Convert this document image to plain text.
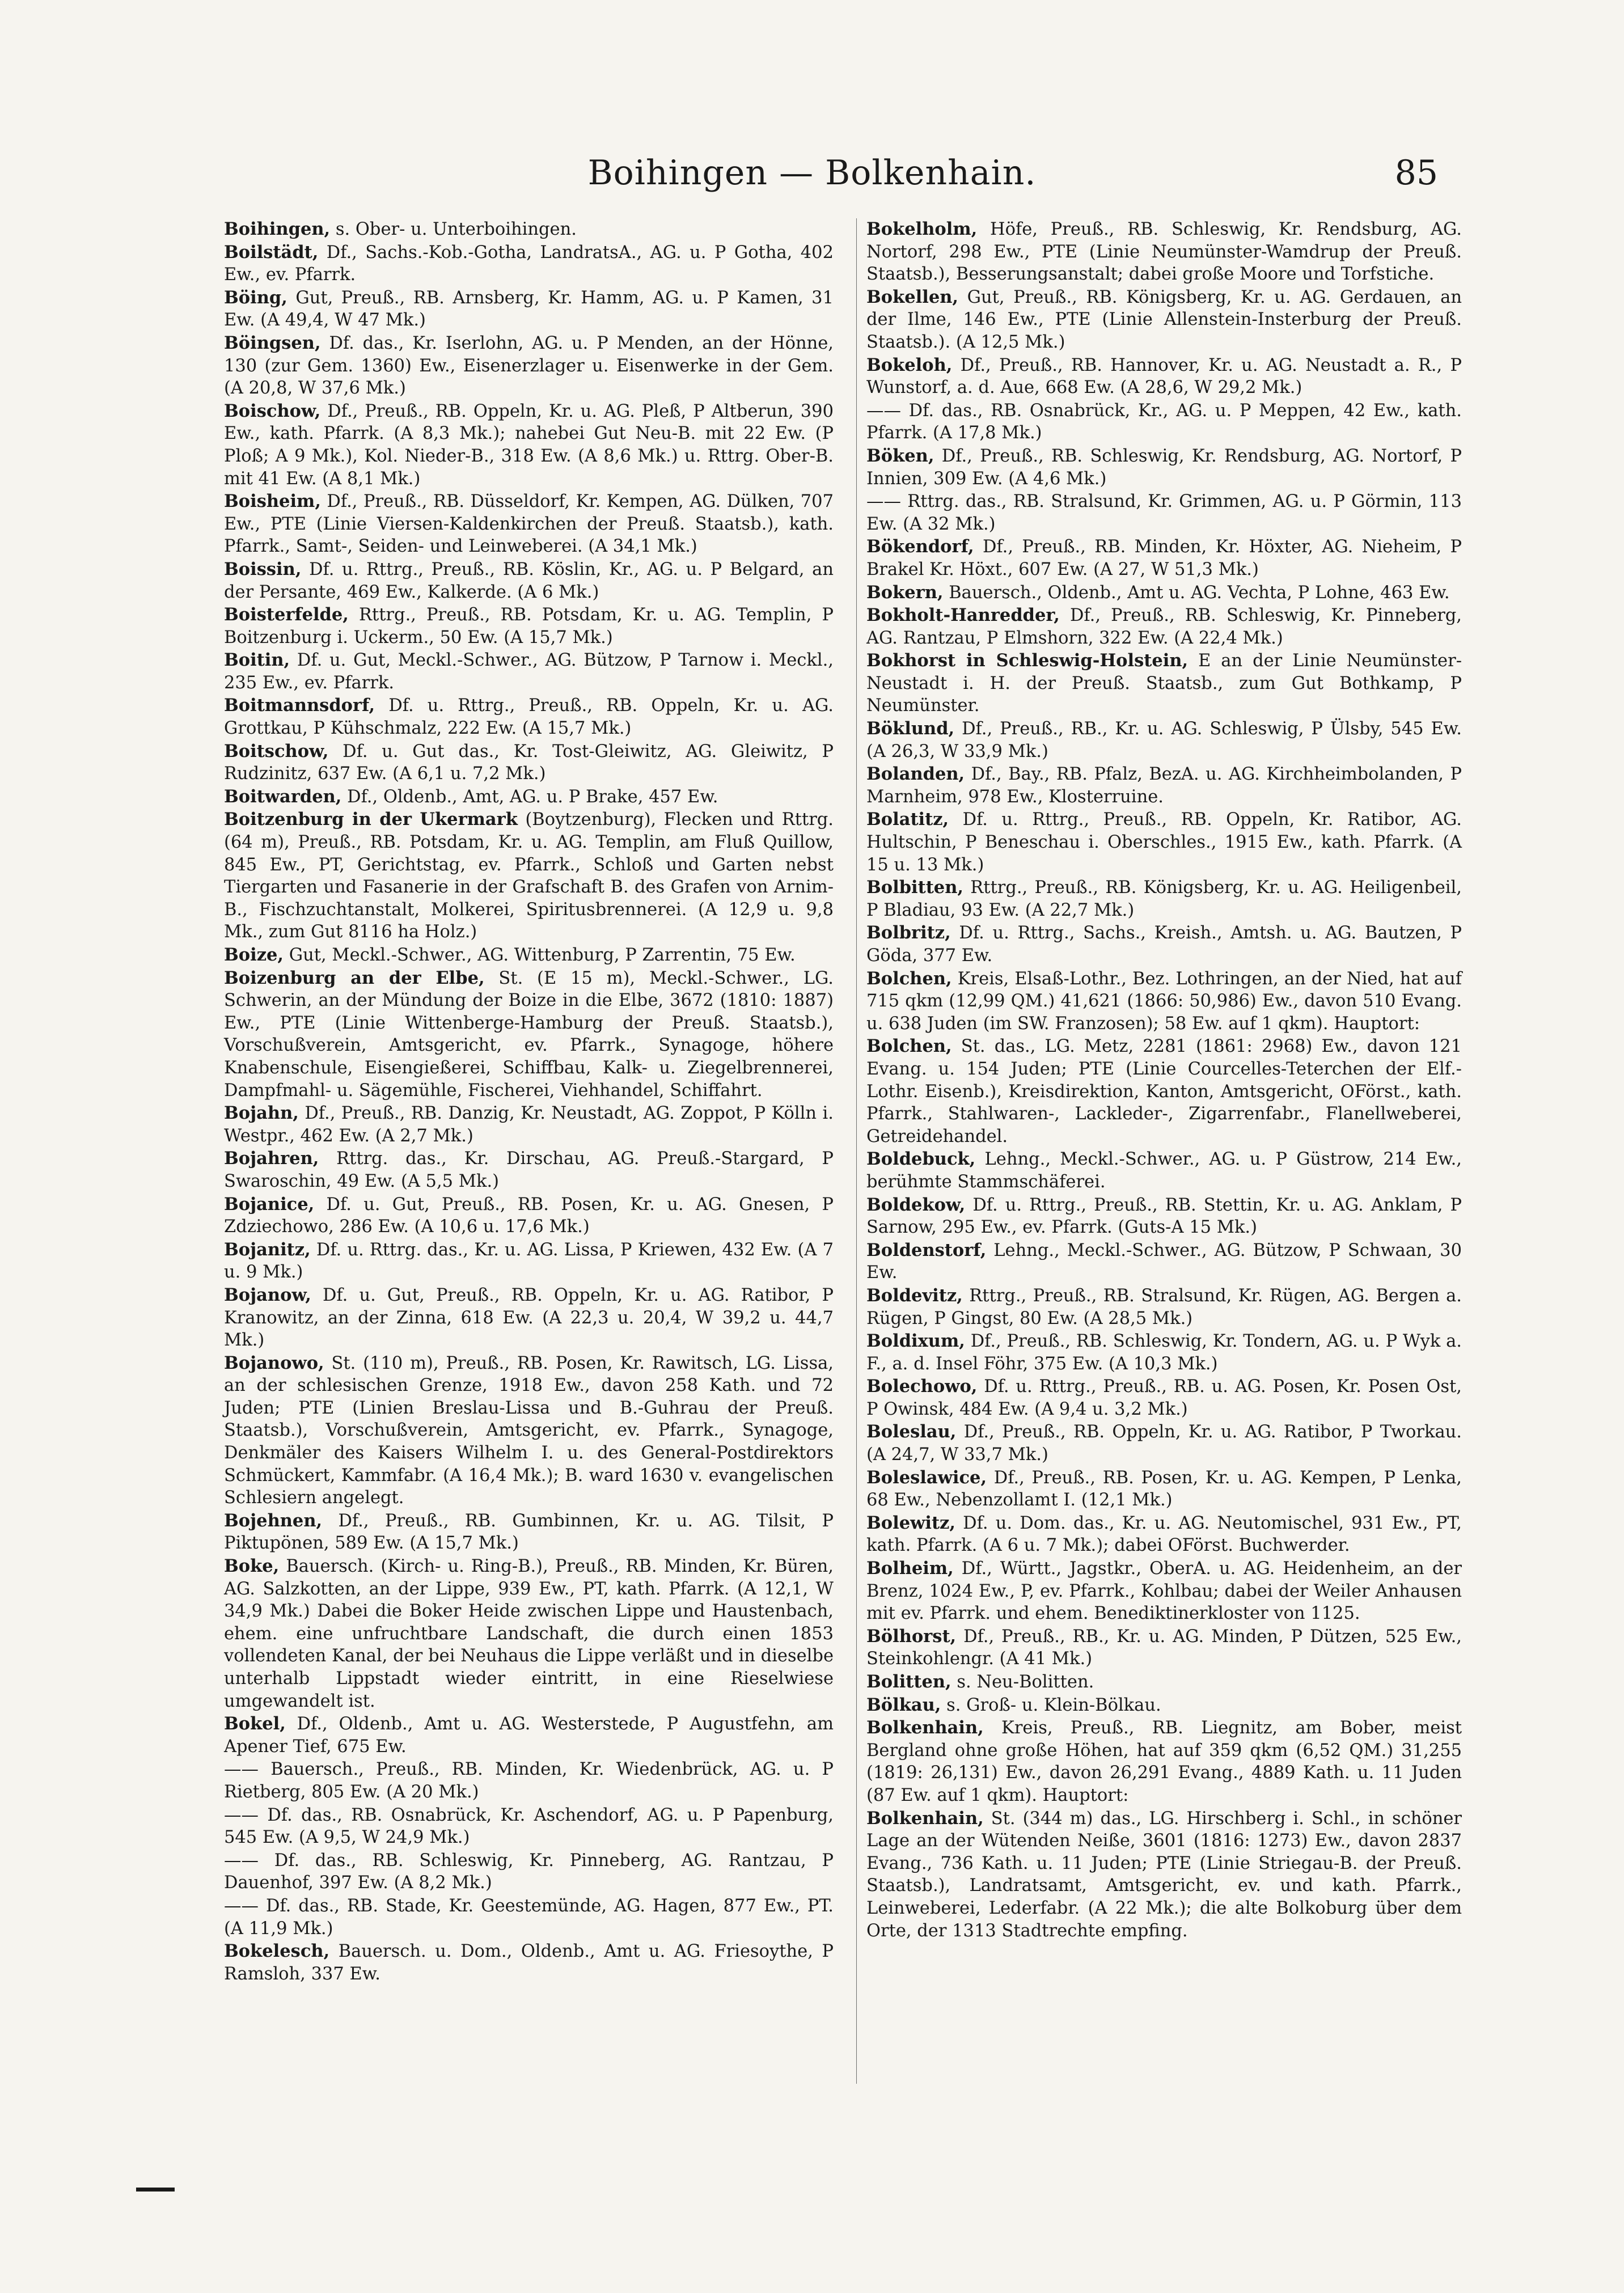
Boihingen — Bolkenhain.	85
Boihingen, s. Ober- u. Unterboihingen.
Boilstädt, Df., Sachs.-Kob.-Gotha, LandratsA., AG. u. P Gotha, 402 Ew., ev. Pfarrk.
Böing, Gut, Preuß., RB. Arnsberg, Kr. Hamm, AG. u. P Kamen, 31 Ew. (A 49,4, W 47 Mk.)
Böingsen, Df. das., Kr. Iserlohn, AG. u. P Menden, an der Hönne, 130 (zur Gem. 1360) Ew., Eisenerzlager u. Eisenwerke in der Gem. (A 20,8, W 37,6 Mk.)
Boischow, Df., Preuß., RB. Oppeln, Kr. u. AG. Pleß, P Altberun, 390 Ew., kath. Pfarrk. (A 8,3 Mk.); nahebei Gut Neu-B. mit 22 Ew. (P Ploß; A 9 Mk.), Kol. Nieder-B., 318 Ew. (A 8,6 Mk.) u. Rttrg. Ober-B. mit 41 Ew. (A 8,1 Mk.)
Boisheim, Df., Preuß., RB. Düsseldorf, Kr. Kempen, AG. Dülken, 707 Ew., PTE (Linie Viersen-Kaldenkirchen der Preuß. Staatsb.), kath. Pfarrk., Samt-, Seiden- und Leinweberei. (A 34,1 Mk.)
Boissin, Df. u. Rttrg., Preuß., RB. Köslin, Kr., AG. u. P Belgard, an der Persante, 469 Ew., Kalkerde. (A 6 Mk.)
Boisterfelde, Rttrg., Preuß., RB. Potsdam, Kr. u. AG. Templin, P Boitzenburg i. Uckerm., 50 Ew. (A 15,7 Mk.)
Boitin, Df. u. Gut, Meckl.-Schwer., AG. Bützow, P Tarnow i. Meckl., 235 Ew., ev. Pfarrk.
Boitmannsdorf, Df. u. Rttrg., Preuß., RB. Oppeln, Kr. u. AG. Grottkau, P Kühschmalz, 222 Ew. (A 15,7 Mk.)
Boitschow, Df. u. Gut das., Kr. Tost-Gleiwitz, AG. Gleiwitz, P Rudzinitz, 637 Ew. (A 6,1 u. 7,2 Mk.)
Boitwarden, Df., Oldenb., Amt, AG. u. P Brake, 457 Ew.
Boitzenburg in der Ukermark (Boytzenburg), Flecken und Rttrg. (64 m), Preuß., RB. Potsdam, Kr. u. AG. Templin, am Fluß Quillow, 845 Ew., PT, Gerichtstag, ev. Pfarrk., Schloß und Garten nebst Tiergarten und Fasanerie in der Grafschaft B. des Grafen von Arnim-B., Fischzuchtanstalt, Molkerei, Spiritusbrennerei. (A 12,9 u. 9,8 Mk., zum Gut 8116 ha Holz.)
Boize, Gut, Meckl.-Schwer., AG. Wittenburg, P Zarrentin, 75 Ew.
Boizenburg an der Elbe, St. (E 15 m), Meckl.-Schwer., LG. Schwerin, an der Mündung der Boize in die Elbe, 3672 (1810: 1887) Ew., PTE (Linie Wittenberge-Hamburg der Preuß. Staatsb.), Vorschußverein, Amtsgericht, ev. Pfarrk., Synagoge, höhere Knabenschule, Eisengießerei, Schiffbau, Kalk- u. Ziegelbrennerei, Dampfmahl- u. Sägemühle, Fischerei, Viehhandel, Schiffahrt.
Bojahn, Df., Preuß., RB. Danzig, Kr. Neustadt, AG. Zoppot, P Kölln i. Westpr., 462 Ew. (A 2,7 Mk.)
Bojahren, Rttrg. das., Kr. Dirschau, AG. Preuß.-Stargard, P Swaroschin, 49 Ew. (A 5,5 Mk.)
Bojanice, Df. u. Gut, Preuß., RB. Posen, Kr. u. AG. Gnesen, P Zdziechowo, 286 Ew. (A 10,6 u. 17,6 Mk.)
Bojanitz, Df. u. Rttrg. das., Kr. u. AG. Lissa, P Kriewen, 432 Ew. (A 7 u. 9 Mk.)
Bojanow, Df. u. Gut, Preuß., RB. Oppeln, Kr. u. AG. Ratibor, P Kranowitz, an der Zinna, 618 Ew. (A 22,3 u. 20,4, W 39,2 u. 44,7 Mk.)
Bojanowo, St. (110 m), Preuß., RB. Posen, Kr. Rawitsch, LG. Lissa, an der schlesischen Grenze, 1918 Ew., davon 258 Kath. und 72 Juden; PTE (Linien Breslau-Lissa und B.-Guhrau der Preuß. Staatsb.), Vorschußverein, Amtsgericht, ev. Pfarrk., Synagoge, Denkmäler des Kaisers Wilhelm I. u. des General-Postdirektors Schmückert, Kammfabr. (A 16,4 Mk.); B. ward 1630 v. evangelischen Schlesiern angelegt.
Bojehnen, Df., Preuß., RB. Gumbinnen, Kr. u. AG. Tilsit, P Piktupönen, 589 Ew. (A 15,7 Mk.)
Boke, Bauersch. (Kirch- u. Ring-B.), Preuß., RB. Minden, Kr. Büren, AG. Salzkotten, an der Lippe, 939 Ew., PT, kath. Pfarrk. (A 12,1, W 34,9 Mk.) Dabei die Boker Heide zwischen Lippe und Haustenbach, ehem. eine unfruchtbare Landschaft, die durch einen 1853 vollendeten Kanal, der bei Neuhaus die Lippe verläßt und in dieselbe unterhalb Lippstadt wieder eintritt, in eine Rieselwiese umgewandelt ist.
Bokel, Df., Oldenb., Amt u. AG. Westerstede, P Augustfehn, am Apener Tief, 675 Ew.
—— Bauersch., Preuß., RB. Minden, Kr. Wiedenbrück, AG. u. P Rietberg, 805 Ew. (A 20 Mk.)
—— Df. das., RB. Osnabrück, Kr. Aschendorf, AG. u. P Papenburg, 545 Ew. (A 9,5, W 24,9 Mk.)
—— Df. das., RB. Schleswig, Kr. Pinneberg, AG. Rantzau, P Dauenhof, 397 Ew. (A 8,2 Mk.)
—— Df. das., RB. Stade, Kr. Geestemünde, AG. Hagen, 877 Ew., PT. (A 11,9 Mk.)
Bokelesch, Bauersch. u. Dom., Oldenb., Amt u. AG. Friesoythe, P Ramsloh, 337 Ew.
Bokelholm, Höfe, Preuß., RB. Schleswig, Kr. Rendsburg, AG. Nortorf, 298 Ew., PTE (Linie Neumünster-Wamdrup der Preuß. Staatsb.), Besserungsanstalt; dabei große Moore und Torfstiche.
Bokellen, Gut, Preuß., RB. Königsberg, Kr. u. AG. Gerdauen, an der Ilme, 146 Ew., PTE (Linie Allenstein-Insterburg der Preuß. Staatsb.). (A 12,5 Mk.)
Bokeloh, Df., Preuß., RB. Hannover, Kr. u. AG. Neustadt a. R., P Wunstorf, a. d. Aue, 668 Ew. (A 28,6, W 29,2 Mk.)
—— Df. das., RB. Osnabrück, Kr., AG. u. P Meppen, 42 Ew., kath. Pfarrk. (A 17,8 Mk.)
Böken, Df., Preuß., RB. Schleswig, Kr. Rendsburg, AG. Nortorf, P Innien, 309 Ew. (A 4,6 Mk.)
—— Rttrg. das., RB. Stralsund, Kr. Grimmen, AG. u. P Görmin, 113 Ew. (A 32 Mk.)
Bökendorf, Df., Preuß., RB. Minden, Kr. Höxter, AG. Nieheim, P Brakel Kr. Höxt., 607 Ew. (A 27, W 51,3 Mk.)
Bokern, Bauersch., Oldenb., Amt u. AG. Vechta, P Lohne, 463 Ew.
Bokholt-Hanredder, Df., Preuß., RB. Schleswig, Kr. Pinneberg, AG. Rantzau, P Elmshorn, 322 Ew. (A 22,4 Mk.)
Bokhorst in Schleswig-Holstein, E an der Linie Neumünster-Neustadt i. H. der Preuß. Staatsb., zum Gut Bothkamp, P Neumünster.
Böklund, Df., Preuß., RB., Kr. u. AG. Schleswig, P Ülsby, 545 Ew. (A 26,3, W 33,9 Mk.)
Bolanden, Df., Bay., RB. Pfalz, BezA. u. AG. Kirchheimbolanden, P Marnheim, 978 Ew., Klosterruine.
Bolatitz, Df. u. Rttrg., Preuß., RB. Oppeln, Kr. Ratibor, AG. Hultschin, P Beneschau i. Oberschles., 1915 Ew., kath. Pfarrk. (A 15 u. 13 Mk.)
Bolbitten, Rttrg., Preuß., RB. Königsberg, Kr. u. AG. Heiligenbeil, P Bladiau, 93 Ew. (A 22,7 Mk.)
Bolbritz, Df. u. Rttrg., Sachs., Kreish., Amtsh. u. AG. Bautzen, P Göda, 377 Ew.
Bolchen, Kreis, Elsaß-Lothr., Bez. Lothringen, an der Nied, hat auf 715 qkm (12,99 QM.) 41,621 (1866: 50,986) Ew., davon 510 Evang. u. 638 Juden (im SW. Franzosen); 58 Ew. auf 1 qkm). Hauptort:
Bolchen, St. das., LG. Metz, 2281 (1861: 2968) Ew., davon 121 Evang. u. 154 Juden; PTE (Linie Courcelles-Teterchen der Elf.-Lothr. Eisenb.), Kreisdirektion, Kanton, Amtsgericht, OFörst., kath. Pfarrk., Stahlwaren-, Lackleder-, Zigarrenfabr., Flanellweberei, Getreidehandel.
Boldebuck, Lehng., Meckl.-Schwer., AG. u. P Güstrow, 214 Ew., berühmte Stammschäferei.
Boldekow, Df. u. Rttrg., Preuß., RB. Stettin, Kr. u. AG. Anklam, P Sarnow, 295 Ew., ev. Pfarrk. (Guts-A 15 Mk.)
Boldenstorf, Lehng., Meckl.-Schwer., AG. Bützow, P Schwaan, 30 Ew.
Boldevitz, Rttrg., Preuß., RB. Stralsund, Kr. Rügen, AG. Bergen a. Rügen, P Gingst, 80 Ew. (A 28,5 Mk.)
Boldixum, Df., Preuß., RB. Schleswig, Kr. Tondern, AG. u. P Wyk a. F., a. d. Insel Föhr, 375 Ew. (A 10,3 Mk.)
Bolechowo, Df. u. Rttrg., Preuß., RB. u. AG. Posen, Kr. Posen Ost, P Owinsk, 484 Ew. (A 9,4 u. 3,2 Mk.)
Boleslau, Df., Preuß., RB. Oppeln, Kr. u. AG. Ratibor, P Tworkau. (A 24,7, W 33,7 Mk.)
Boleslawice, Df., Preuß., RB. Posen, Kr. u. AG. Kempen, P Lenka, 68 Ew., Nebenzollamt I. (12,1 Mk.)
Bolewitz, Df. u. Dom. das., Kr. u. AG. Neutomischel, 931 Ew., PT, kath. Pfarrk. (A 6 u. 7 Mk.); dabei OFörst. Buchwerder.
Bolheim, Df., Württ., Jagstkr., OberA. u. AG. Heidenheim, an der Brenz, 1024 Ew., P, ev. Pfarrk., Kohlbau; dabei der Weiler Anhausen mit ev. Pfarrk. und ehem. Benediktinerkloster von 1125.
Bölhorst, Df., Preuß., RB., Kr. u. AG. Minden, P Dützen, 525 Ew., Steinkohlengr. (A 41 Mk.)
Bolitten, s. Neu-Bolitten.
Bölkau, s. Groß- u. Klein-Bölkau.
Bolkenhain, Kreis, Preuß., RB. Liegnitz, am Bober, meist Bergland ohne große Höhen, hat auf 359 qkm (6,52 QM.) 31,255 (1819: 26,131) Ew., davon 26,291 Evang., 4889 Kath. u. 11 Juden (87 Ew. auf 1 qkm). Hauptort:
Bolkenhain, St. (344 m) das., LG. Hirschberg i. Schl., in schöner Lage an der Wütenden Neiße, 3601 (1816: 1273) Ew., davon 2837 Evang., 736 Kath. u. 11 Juden; PTE (Linie Striegau-B. der Preuß. Staatsb.), Landratsamt, Amtsgericht, ev. und kath. Pfarrk., Leinweberei, Lederfabr. (A 22 Mk.); die alte Bolkoburg über dem Orte, der 1313 Stadtrechte empfing.
